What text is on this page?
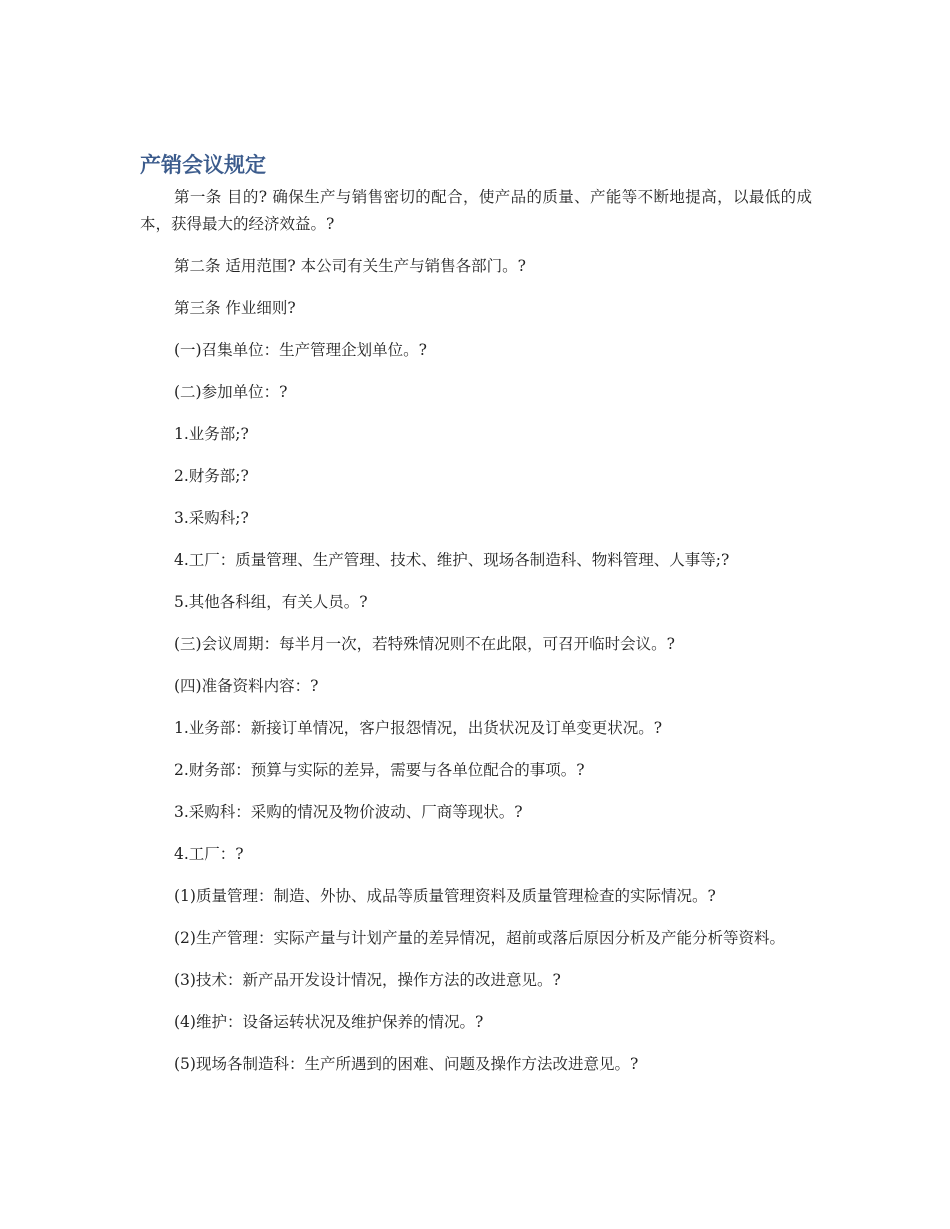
产销会议规定

第一条 目的? 确保生产与销售密切的配合，使产品的质量、产能等不断地提高，以最低的成本，获得最大的经济效益。?

第二条 适用范围? 本公司有关生产与销售各部门。?

第三条 作业细则?

(一)召集单位：生产管理企划单位。?

(二)参加单位：?

1.业务部;?

2.财务部;?

3.采购科;?

4.工厂：质量管理、生产管理、技术、维护、现场各制造科、物料管理、人事等;?

5.其他各科组，有关人员。?

(三)会议周期：每半月一次，若特殊情况则不在此限，可召开临时会议。?

(四)准备资料内容：?

1.业务部：新接订单情况，客户报怨情况，出货状况及订单变更状况。?

2.财务部：预算与实际的差异，需要与各单位配合的事项。?

3.采购科：采购的情况及物价波动、厂商等现状。?

4.工厂：?

(1)质量管理：制造、外协、成品等质量管理资料及质量管理检查的实际情况。?

(2)生产管理：实际产量与计划产量的差异情况，超前或落后原因分析及产能分析等资料。

(3)技术：新产品开发设计情况，操作方法的改进意见。?

(4)维护：设备运转状况及维护保养的情况。?

(5)现场各制造科：生产所遇到的困难、问题及操作方法改进意见。?
